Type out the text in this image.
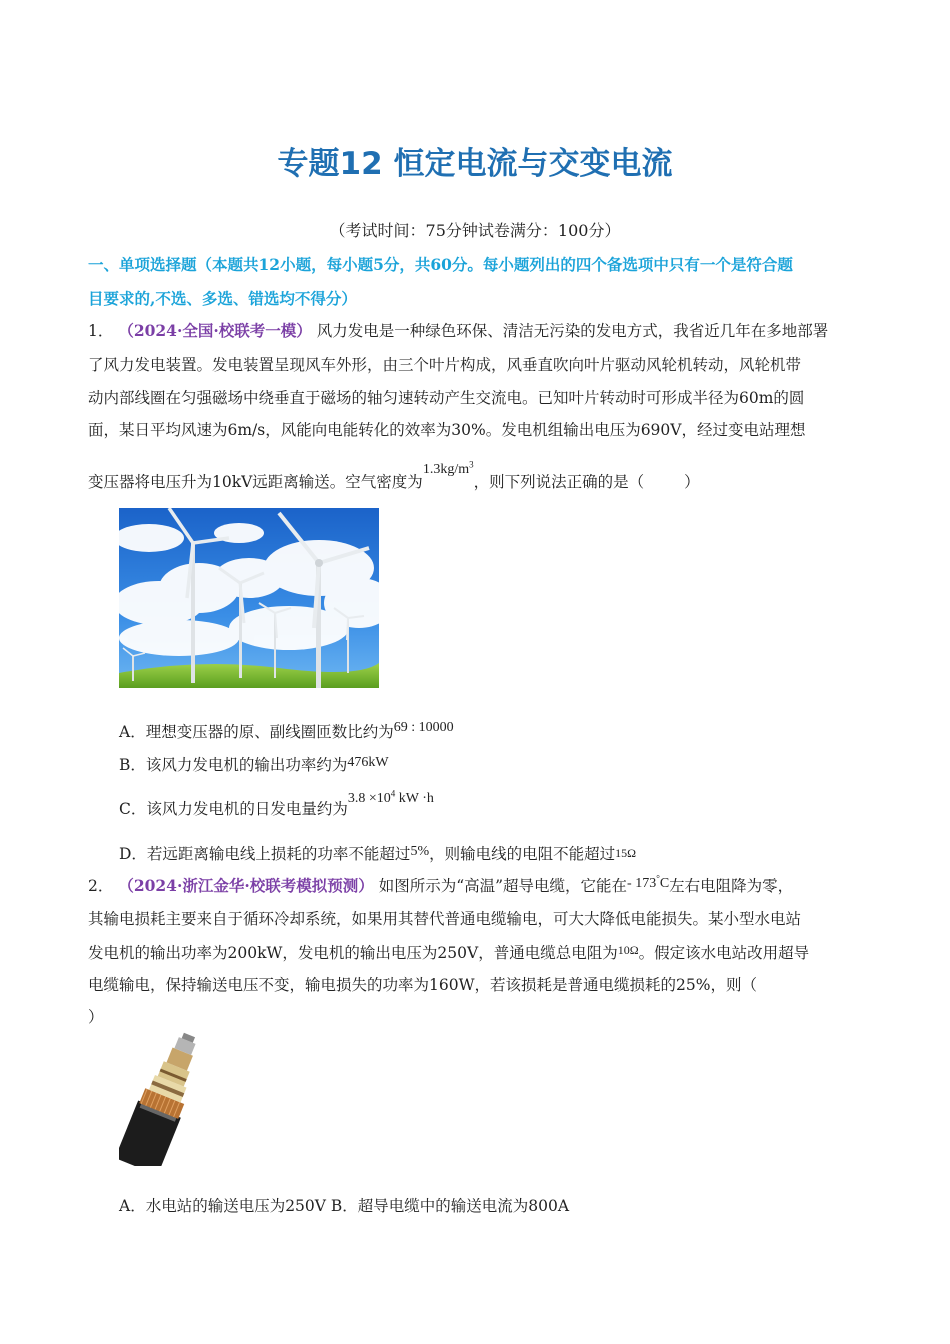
专题12 恒定电流与交变电流
（考试时间：75分钟试卷满分：100分）
一、单项选择题（本题共12小题，每小题5分，共60分。每小题列出的四个备选项中只有一个是符合题
目要求的,不选、多选、错选均不得分）
1． （2024·全国·校联考一模） 风力发电是一种绿色环保、清洁无污染的发电方式，我省近几年在多地部署
了风力发电装置。发电装置呈现风车外形，由三个叶片构成，风垂直吹向叶片驱动风轮机转动，风轮机带
动内部线圈在匀强磁场中绕垂直于磁场的轴匀速转动产生交流电。已知叶片转动时可形成半径为60m的圆
面，某日平均风速为6m/s，风能向电能转化的效率为30%。发电机组输出电压为690V，经过变电站理想
变压器将电压升为10kV远距离输送。空气密度为$1.3kg/m^3$，则下列说法正确的是（	）
A．理想变压器的原、副线圈匝数比约为69 : 10000
B．该风力发电机的输出功率约为476kW
C．该风力发电机的日发电量约为$3.8 \times 10^4$ kW ·h
D．若远距离输电线上损耗的功率不能超过5%，则输电线的电阻不能超过15Ω
2． （2024·浙江金华·校联考模拟预测） 如图所示为“高温”超导电缆，它能在- 173°C左右电阻降为零，
其输电损耗主要来自于循环冷却系统，如果用其替代普通电缆输电，可大大降低电能损失。某小型水电站
发电机的输出功率为200kW，发电机的输出电压为250V，普通电缆总电阻为$^{10\Omega}$。假定该水电站改用超导
电缆输电，保持输送电压不变，输电损失的功率为160W，若该损耗是普通电缆损耗的25%，则（
）
A．水电站的输送电压为250V B．超导电缆中的输送电流为800A
